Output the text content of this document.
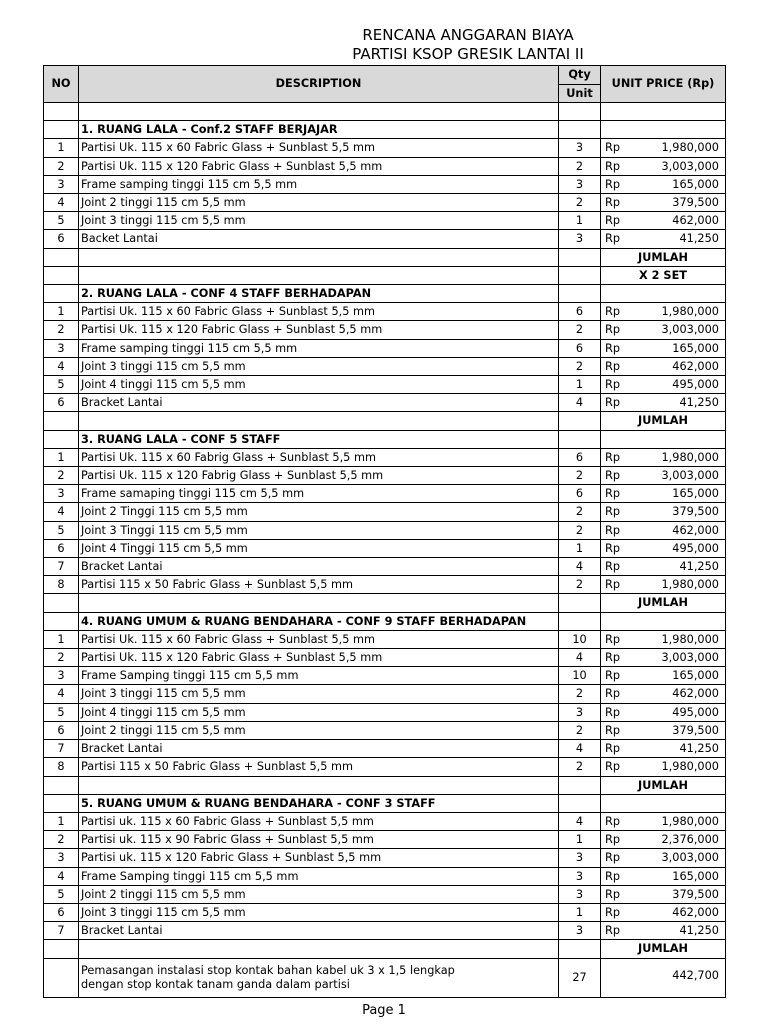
RENCANA ANGGARAN BIAYA
PARTISI KSOP GRESIK LANTAI II
NO	DESCRIPTION	Qty	UNIT PRICE (Rp)
		Unit	

	1. RUANG LALA - Conf.2 STAFF BERJAJAR		
1	Partisi Uk. 115 x 60 Fabric Glass + Sunblast 5,5 mm	3	Rp 1,980,000

2	Partisi Uk. 115 x 120 Fabric Glass + Sunblast 5,5 mm	2	Rp 3,003,000

3	Frame samping tinggi 115 cm 5,5 mm	3	Rp 165,000

4	Joint 2 tinggi 115 cm 5,5 mm	2	Rp 379,500

5	Joint 3 tinggi 115 cm 5,5 mm	1	Rp 462,000

6	Backet Lantai	3	Rp 41,250

			JUMLAH
			X 2 SET
	2. RUANG LALA - CONF 4 STAFF BERHADAPAN		
1	Partisi Uk. 115 x 60 Fabric Glass + Sunblast 5,5 mm	6	Rp 1,980,000

2	Partisi Uk. 115 x 120 Fabric Glass + Sunblast 5,5 mm	2	Rp 3,003,000

3	Frame samping tinggi 115 cm 5,5 mm	6	Rp 165,000

4	Joint 3 tinggi 115 cm 5,5 mm	2	Rp 462,000

5	Joint 4 tinggi 115 cm 5,5 mm	1	Rp 495,000

6	Bracket Lantai	4	Rp 41,250

			JUMLAH
	3. RUANG LALA - CONF 5 STAFF		
1	Partisi Uk. 115 x 60 Fabrig Glass + Sunblast 5,5 mm	6	Rp 1,980,000

2	Partisi Uk. 115 x 120 Fabrig Glass + Sunblast 5,5 mm	2	Rp 3,003,000

3	Frame samaping tinggi 115 cm 5,5 mm	6	Rp 165,000

4	Joint 2 Tinggi 115 cm 5,5 mm	2	Rp 379,500

5	Joint 3 Tinggi 115 cm 5,5 mm	2	Rp 462,000

6	Joint 4 Tinggi 115 cm 5,5 mm	1	Rp 495,000

7	Bracket Lantai	4	Rp 41,250

8	Partisi 115 x 50 Fabric Glass + Sunblast 5,5 mm	2	Rp 1,980,000

			JUMLAH
	4. RUANG UMUM & RUANG BENDAHARA - CONF 9 STAFF BERHADAPAN		
1	Partisi Uk. 115 x 60 Fabric Glass + Sunblast 5,5 mm	10	Rp 1,980,000

2	Partisi Uk. 115 x 120 Fabric Glass + Sunblast 5,5 mm	4	Rp 3,003,000

3	Frame Samping tinggi 115 cm 5,5 mm	10	Rp 165,000

4	Joint 3 tinggi 115 cm 5,5 mm	2	Rp 462,000

5	Joint 4 tinggi 115 cm 5,5 mm	3	Rp 495,000

6	Joint 2 tinggi 115 cm 5,5 mm	2	Rp 379,500

7	Bracket Lantai	4	Rp 41,250

8	Partisi 115 x 50 Fabric Glass + Sunblast 5,5 mm	2	Rp 1,980,000

			JUMLAH
	5. RUANG UMUM & RUANG BENDAHARA - CONF 3 STAFF		
1	Partisi uk. 115 x 60 Fabric Glass + Sunblast 5,5 mm	4	Rp 1,980,000

2	Partisi uk. 115 x 90 Fabric Glass + Sunblast 5,5 mm	1	Rp 2,376,000

3	Partisi uk. 115 x 120 Fabric Glass + Sunblast 5,5 mm	3	Rp 3,003,000

4	Frame Samping tinggi 115 cm 5,5 mm	3	Rp 165,000

5	Joint 2 tinggi 115 cm 5,5 mm	3	Rp 379,500

6	Joint 3 tinggi 115 cm 5,5 mm	1	Rp 462,000

7	Bracket Lantai	3	Rp 41,250

			JUMLAH

	Pemasangan instalasi stop kontak bahan kabel uk 3 x 1,5 lengkap
dengan stop kontak tanam ganda dalam partisi	27	442,700
Page 1
